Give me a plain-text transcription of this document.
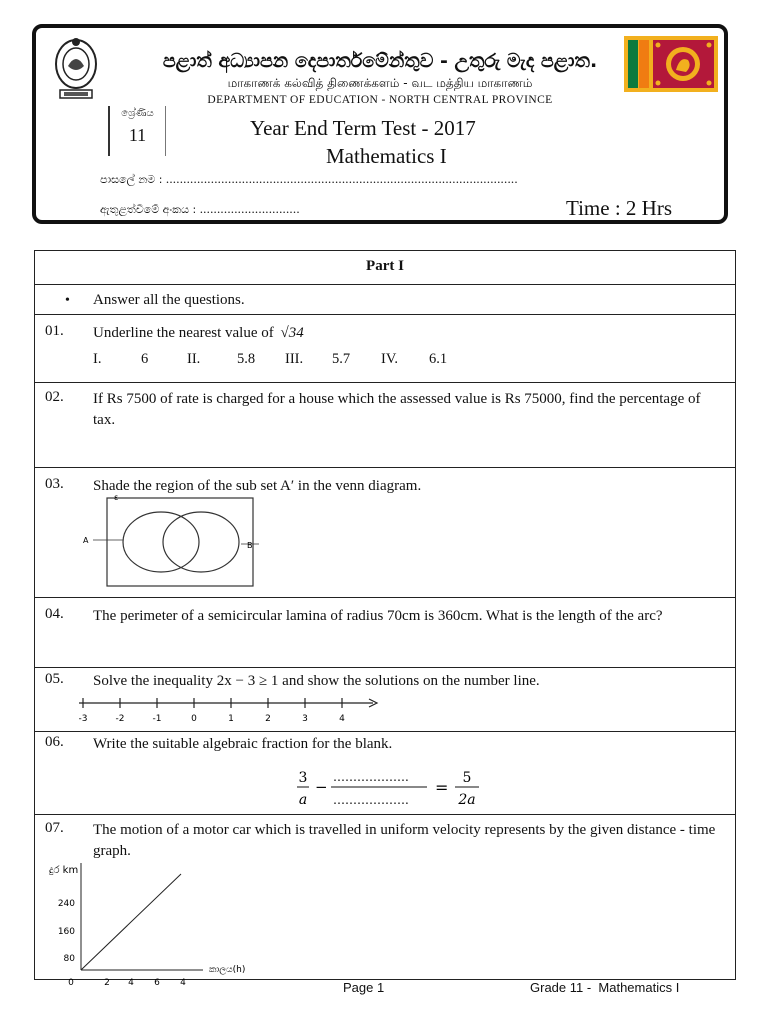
පළාත් අධ්‍යාපන දෙපාර්තමේන්තුව - උතුරු මැද පළාත.
மாகாணக் கல்வித் திணைக்களம் - வட மத்திய மாகாணம்
DEPARTMENT OF EDUCATION - NORTH CENTRAL PROVINCE
ශ්‍රේණිය
11	Year End Term Test - 2017
Mathematics I
පාසලේ නම : ......................................................................................................
ඇතුළත්වීමේ අංකය : .............................	Time : 2 Hrs
Part I
• Answer all the questions.
01. Underline the nearest value of √34
I.	6	II.	5.8 III. 5.7 IV. 6.1
02. If Rs 7500 of rate is charged for a house which the assessed value is Rs 75000, find the percentage of tax.
03. Shade the region of the sub set A′ in the venn diagram.
ε
A
B
04. The perimeter of a semicircular lamina of radius 70cm is 360cm. What is the length of the arc?
05. Solve the inequality 2x − 3 ≥ 1 and show the solutions on the number line.
-3	-2	-1	0	1	2	3	4
06. Write the suitable algebraic fraction for the blank.
3
a
−
……………….
……………….
= 5
2a
07. The motion of a motor car which is travelled in uniform velocity represents by the given distance - time graph.
දුර km
240
160
80
0	2 4 6 4
කාලය(h)
Page 1	Grade 11 -  Mathematics I
